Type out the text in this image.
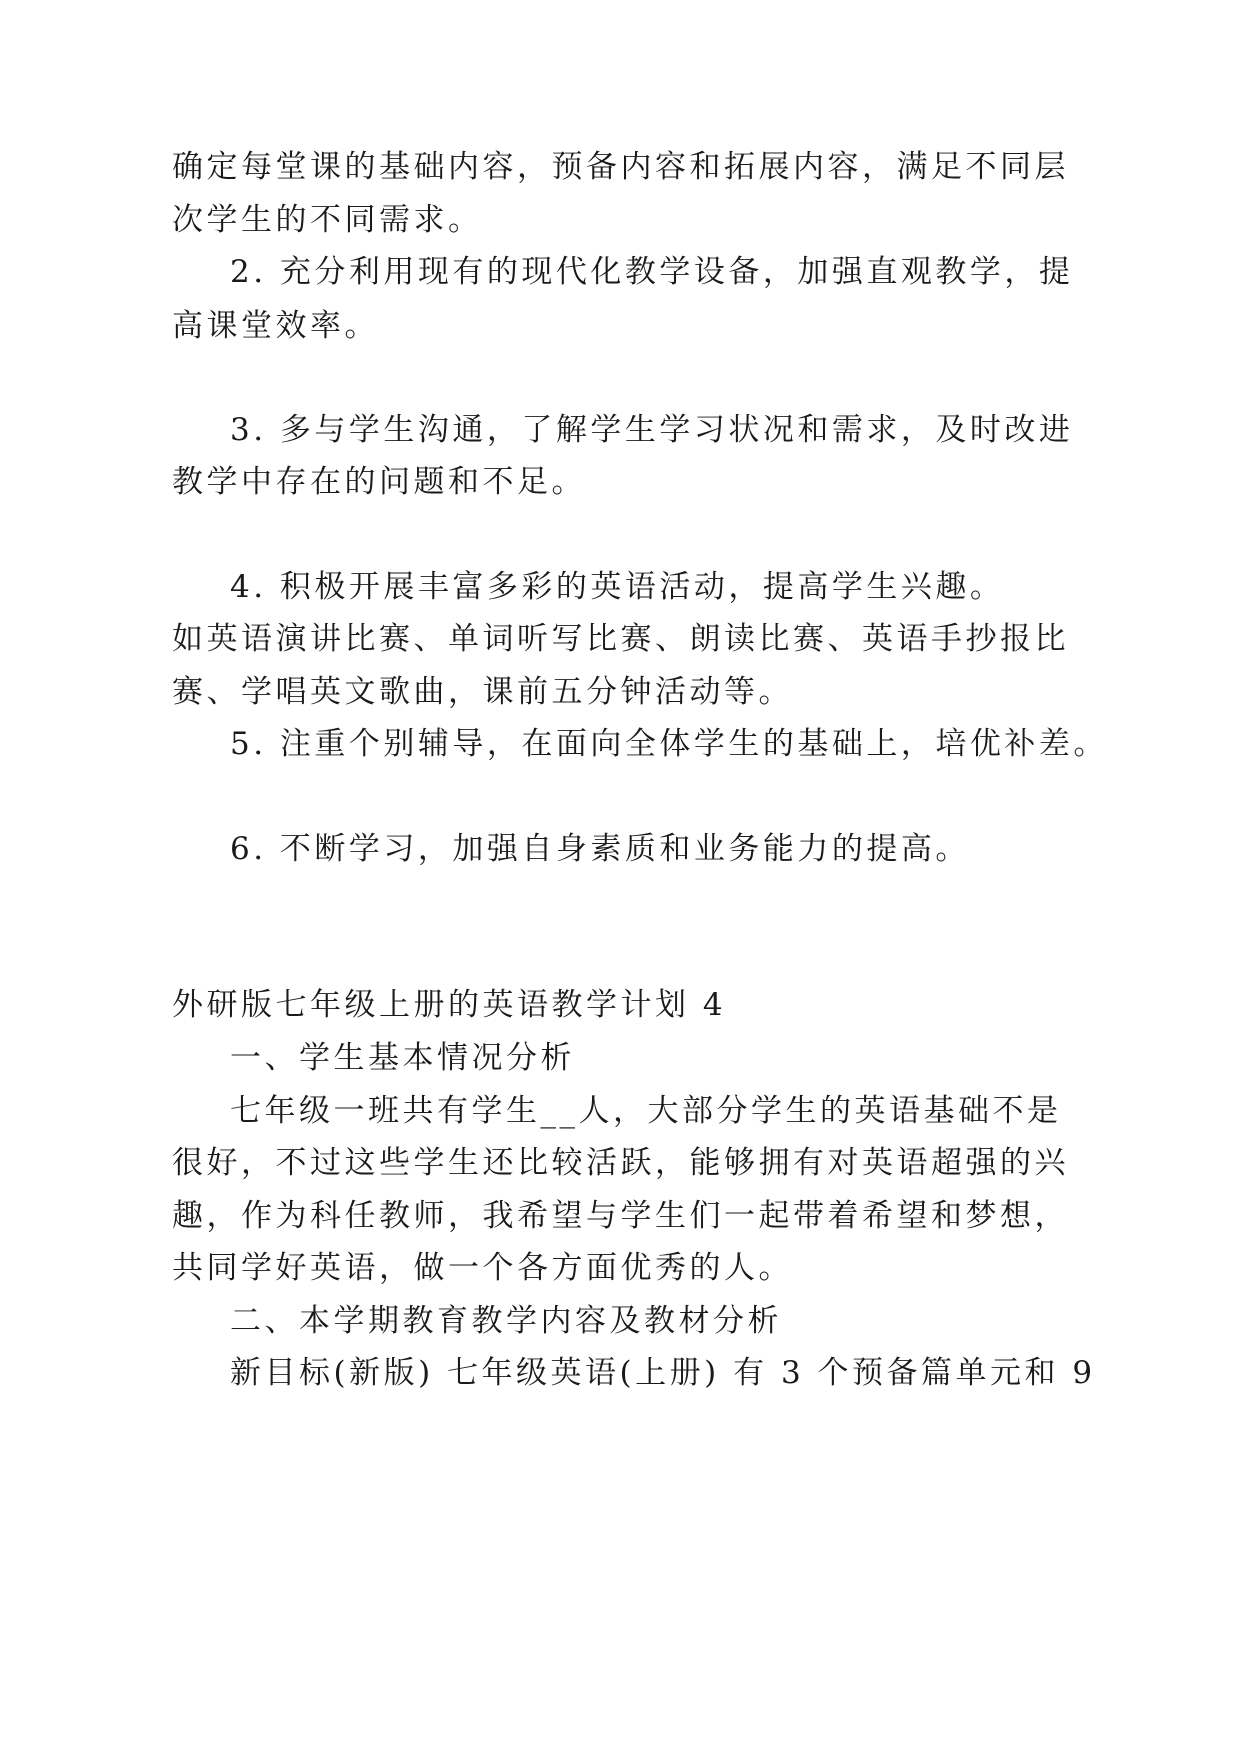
确定每堂课的基础内容，预备内容和拓展内容，满足不同层
次学生的不同需求。
2. 充分利用现有的现代化教学设备，加强直观教学，提
高课堂效率。
3. 多与学生沟通，了解学生学习状况和需求，及时改进
教学中存在的问题和不足。
4. 积极开展丰富多彩的英语活动，提高学生兴趣。
如英语演讲比赛、单词听写比赛、朗读比赛、英语手抄报比
赛、学唱英文歌曲，课前五分钟活动等。
5. 注重个别辅导，在面向全体学生的基础上，培优补差。
6. 不断学习，加强自身素质和业务能力的提高。
外研版七年级上册的英语教学计划 4
一、学生基本情况分析
七年级一班共有学生__人，大部分学生的英语基础不是
很好，不过这些学生还比较活跃，能够拥有对英语超强的兴
趣，作为科任教师，我希望与学生们一起带着希望和梦想，
共同学好英语，做一个各方面优秀的人。
二、本学期教育教学内容及教材分析
新目标(新版) 七年级英语(上册) 有 3 个预备篇单元和 9
